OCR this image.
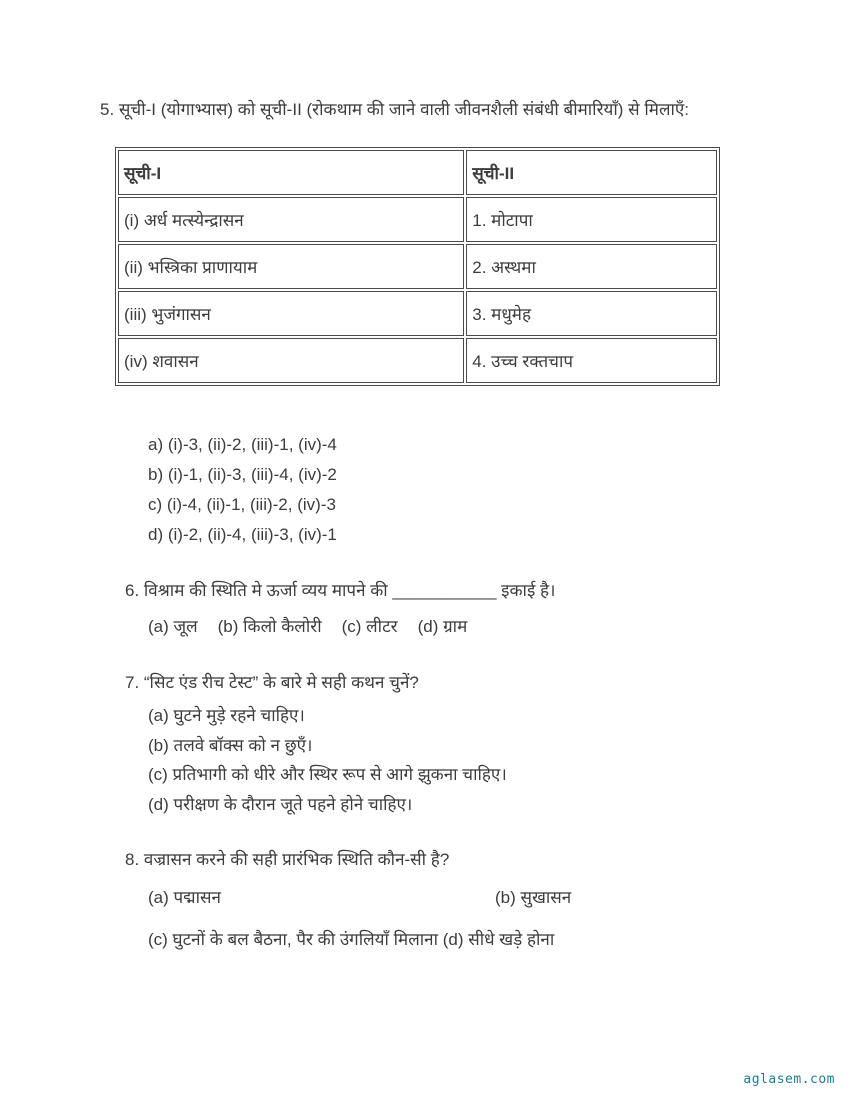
5. सूची-I (योगाभ्यास) को सूची-II (रोकथाम की जाने वाली जीवनशैली संबंधी बीमारियाँ) से मिलाएँ:

सूची-I	सूची-II
(i) अर्ध मत्स्येन्द्रासन	1. मोटापा
(ii) भस्त्रिका प्राणायाम	2. अस्थमा
(iii) भुजंगासन	3. मधुमेह
(iv) शवासन	4. उच्च रक्तचाप
a) (i)-3, (ii)-2, (iii)-1, (iv)-4
b) (i)-1, (ii)-3, (iii)-4, (iv)-2
c) (i)-4, (ii)-1, (iii)-2, (iv)-3
d) (i)-2, (ii)-4, (iii)-3, (iv)-1

6. विश्राम की स्थिति मे ऊर्जा व्यय मापने की ___________ इकाई है।

(a) जूल (b) किलो कैलोरी (c) लीटर (d) ग्राम

7. “सिट एंड रीच टेस्ट” के बारे मे सही कथन चुनें?

(a) घुटने मुड़े रहने चाहिए।
(b) तलवे बॉक्स को न छुएँ।
(c) प्रतिभागी को धीरे और स्थिर रूप से आगे झुकना चाहिए।
(d) परीक्षण के दौरान जूते पहने होने चाहिए।

8. वज्रासन करने की सही प्रारंभिक स्थिति कौन-सी है?

(a) पद्मासन	(b) सुखासन
(c) घुटनों के बल बैठना, पैर की उंगलियाँ मिलाना (d) सीधे खड़े होना
aglasem.com
